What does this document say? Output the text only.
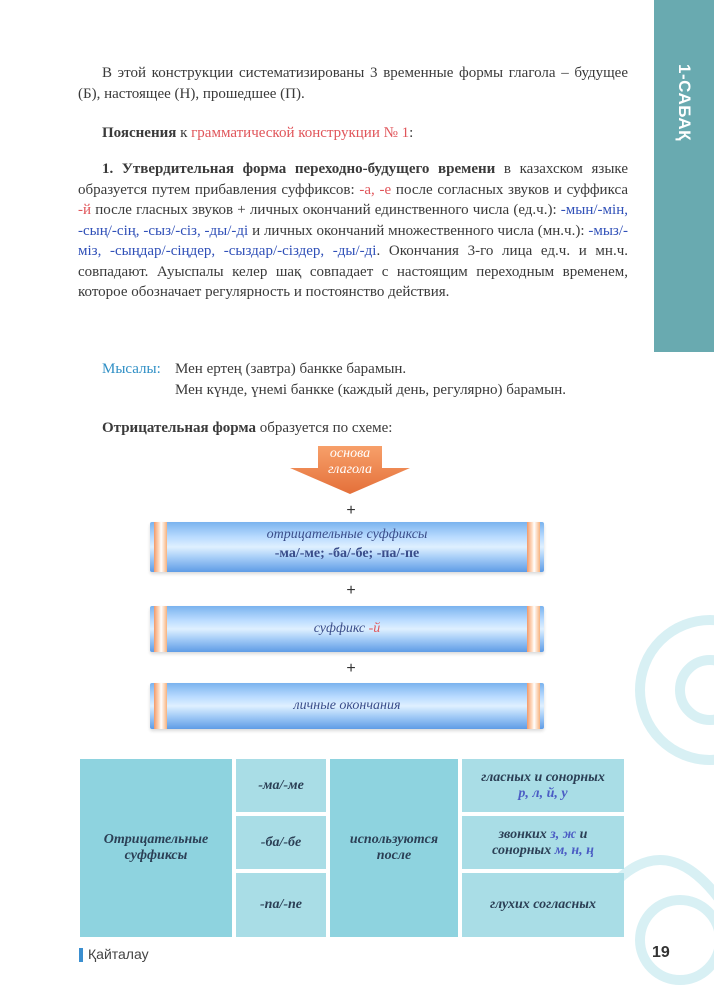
1-САБАҚ

В этой конструкции систематизированы 3 временные формы глагола – будущее (Б), настоящее (Н), прошедшее (П).

Пояснения к грамматической конструкции № 1:

1. Утвердительная форма переходно-будущего времени в казахском языке образуется путем прибавления суффиксов: -а, -е после согласных звуков и суффикса -й после гласных звуков + личных окончаний единственного числа (ед.ч.): -мын/-мін, -сың/-сің, -сыз/-сіз, -ды/-ді и личных окончаний множественного числа (мн.ч.): -мыз/-міз, -сыңдар/-сіңдер, -сыздар/-сіздер, -ды/-ді. Окончания 3-го лица ед.ч. и мн.ч. совпадают. Ауыспалы келер шақ совпадает с настоящим переходным временем, которое обозначает регулярность и постоянство действия.

Мысалы: Мен ертең (завтра) банкке барамын.
Мен күнде, үнемі банкке (каждый день, регулярно) барамын.

Отрицательная форма образуется по схеме:

основа
глагола
+
отрицательные суффиксы
-ма/-ме; -ба/-бе; -па/-пе
+
суффикс -й
+
личные окончания
Отрицательные суффиксы
-ма/-ме
-ба/-бе
-па/-пе
используются после
гласных и сонорных
р, л, й, у
звонких з, ж и
сонорных м, н, ң
глухих согласных
Қайталау	19
